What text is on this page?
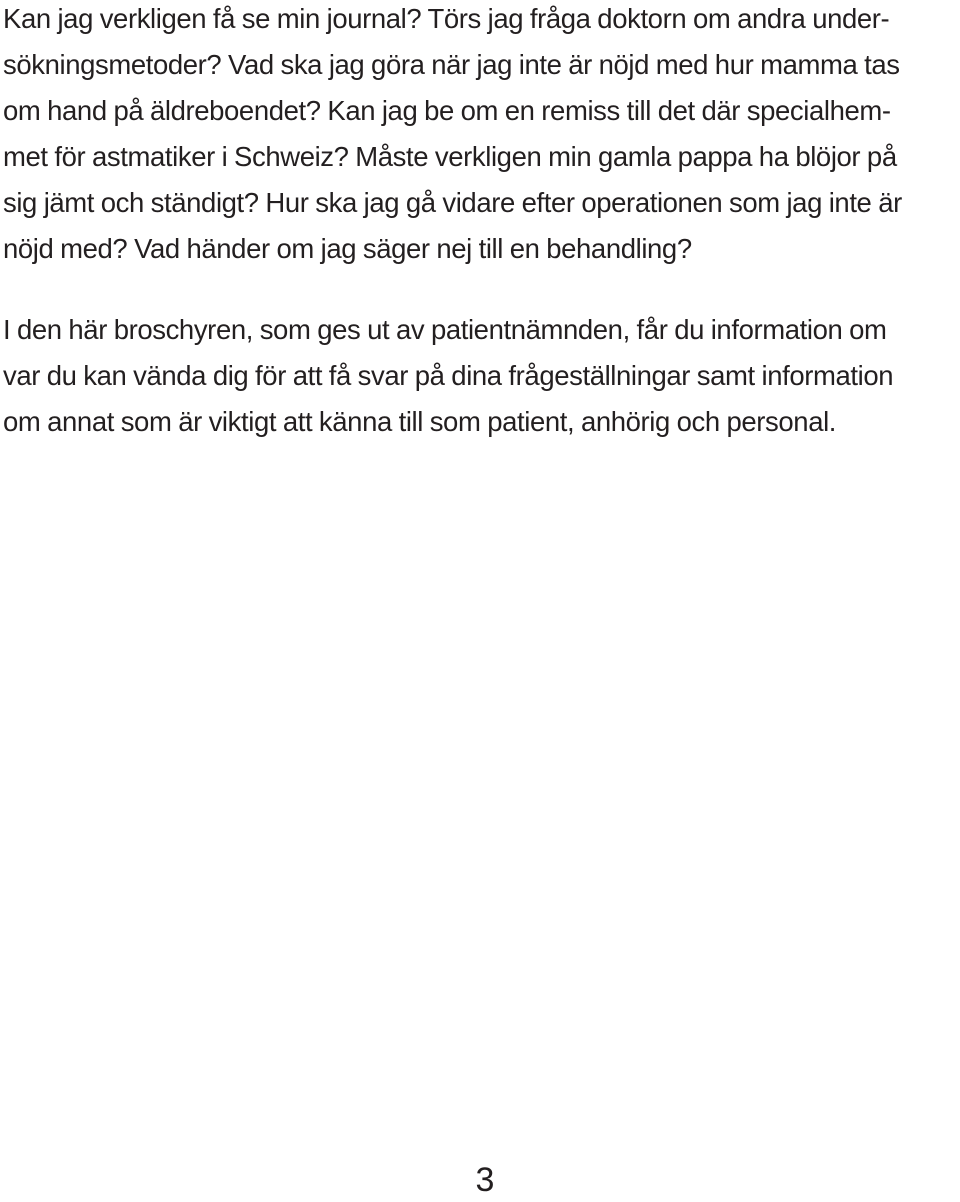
Kan jag verkligen få se min journal? Törs jag fråga doktorn om andra under-
sökningsmetoder? Vad ska jag göra när jag inte är nöjd med hur mamma tas
om hand på äldreboendet? Kan jag be om en remiss till det där specialhem-
met för astmatiker i Schweiz? Måste verkligen min gamla pappa ha blöjor på
sig jämt och ständigt? Hur ska jag gå vidare efter operationen som jag inte är
nöjd med? Vad händer om jag säger nej till en behandling?

I den här broschyren, som ges ut av patientnämnden, får du information om
var du kan vända dig för att få svar på dina frågeställningar samt information
om annat som är viktigt att känna till som patient, anhörig och personal.

3
